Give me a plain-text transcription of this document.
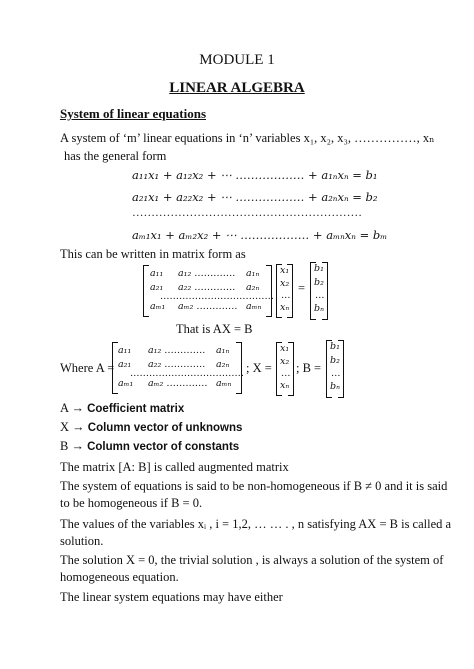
MODULE 1
LINEAR ALGEBRA
System of linear equations
A system of ‘m’ linear equations in ‘n’ variables x₁, x₂, x₃, ……………, xₙ
has the general form
a₁₁x₁ + a₁₂x₂ + ⋯ ……………… + a₁ₙxₙ = b₁
a₂₁x₁ + a₂₂x₂ + ⋯ ……………… + a₂ₙxₙ = b₂
……………………………………………………
aₘ₁x₁ + aₘ₂x₂ + ⋯ ……………… + aₘₙxₙ = bₘ
This can be written in matrix form as
a₁₁ a₁₂ …………. a₁ₙ
a₂₁ a₂₂ …………. a₂ₙ
………………………………
aₘ₁ aₘ₂ …………. aₘₙ
x₁
x₂
…
xₙ
=
b₁
b₂
…
bₙ
That is AX = B
Where A =
a₁₁ a₁₂ …………. a₁ₙ
a₂₁ a₂₂ …………. a₂ₙ
………………………………
aₘ₁ aₘ₂ …………. aₘₙ
; X =
x₁
x₂
…
xₙ
; B =
b₁
b₂
…
bₙ
A → Coefficient matrix
X → Column vector of unknowns
B → Column vector of constants
The matrix [A: B] is called augmented matrix
The system of equations is said to be non-homogeneous if B ≠ 0 and it is said
to be homogeneous if B = 0.
The values of the variables xᵢ , i = 1,2, … … . , n satisfying AX = B is called a
solution.
The solution X = 0, the trivial solution , is always a solution of the system of
homogeneous equation.
The linear system equations may have either
